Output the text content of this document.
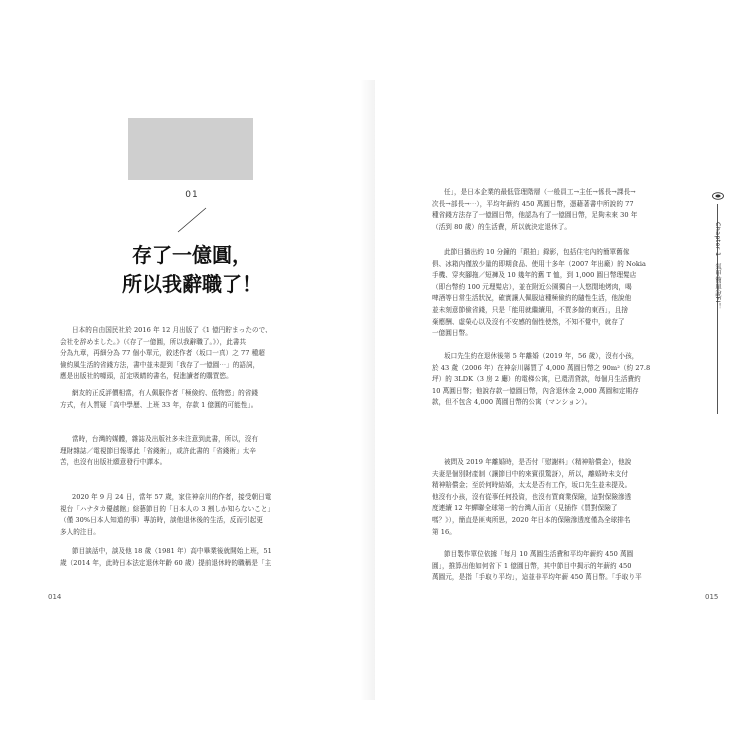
01
存了一億圓，
所以我辭職了！
日本的自由国民社於 2016 年 12 月出版了《1 億円貯まったので、
会社を辞めました。》（《存了一億圓，所以我辭職了。》），此書共
分為九章，再細分為 77 個小單元，敘述作者（坂口一真）之 77 種超
儉約風生活的省錢方法，書中並未提到「我存了一億圓⋯」的語詞，
應是出版社的噱頭，訂定吸睛的書名，促進讀者的購買慾。
網友的正反評價相當，有人佩服作者「極儉約、低物慾」的省錢
方式，有人質疑「高中學歷、上班 33 年，存款 1 億圓的可能性」。
當時，台灣的媒體，雜誌及出版社多未注意到此書，所以，沒有
理財雜誌／電視節目報導此「省錢術」，或許此書的「省錢術」太辛
苦，也沒有出版社願意發行中譯本。
2020 年 9 月 24 日，當年 57 歲，家住神奈川的作者，接受朝日電
視台「ハナタカ優越館」綜藝節目的「日本人の 3 割しか知らないこと」
（僅 30%日本人知道的事）專訪時，談他退休後的生活，反而引起更
多人的注目。
節目談話中，談及他 18 歲（1981 年）高中畢業後就開始上班，51
歲（2014 年，此時日本法定退休年齡 60 歲）提前退休時的職稱是「主
014	015
任」，是日本企業的最低管理階層（一般員工→主任→係長→課長→
次長→部長→⋯），平均年薪約 450 萬圓日幣，憑藉著書中所說的 77
種省錢方法存了一億圓日幣，他認為有了一億圓日幣，足夠未來 30 年
（活到 80 歲）的生活費，所以就決定退休了。
此節目播出約 10 分鐘的「跟拍」錄影，包括住宅內的簡單舊傢
俱、冰箱內僅放少量的即期食品、使用十多年（2007 年出廠）的 Nokia
手機、穿夾腳拖／短褲及 10 幾年的舊 T 恤，到 1,000 圓日幣理髮店
（即台幣約 100 元理髮店），並在附近公園獨自一人悠閒地烤肉，喝
啤酒等日常生活狀況，確實讓人佩服這種極儉約的隨性生活，他說他
並未刻意節儉省錢，只是「能用就繼續用，不買多餘的東西」，且捨
棄應酬、虛榮心以及沒有不安感的個性使然，不知不覺中，就存了
一億圓日幣。
坂口先生約在退休後第 5 年離婚（2019 年，56 歲），沒有小孩，
於 43 歲（2006 年）在神奈川縣買了 4,000 萬圓日幣之 90m²（約 27.8
坪）的 3LDK（3 房 2 廳）的電梯公寓，已還清貸款，每個月生活費約
10 萬圓日幣；他說存款一億圓日幣，內含退休金 2,000 萬圓和定期存
款，但不包含 4,000 萬圓日幣的公寓（マンション）。
被問及 2019 年離婚時，是否付「慰謝料」（精神賠償金），他說
夫妻是個別財產制（讓節目中的來賓很驚訝），所以，離婚時未支付
精神賠償金；至於何時結婚，太太是否有工作，坂口先生並未提及。
他沒有小孩，沒有從事任何投資，也沒有買商業保險，這對保險滲透
度連續 12 年蟬聯全球第一的台灣人而言（見插作《買對保險了
嗎？》），簡直是匪夷所思，2020 年日本的保險滲透度僅為全球排名
第 16。
節目製作單位依據「每月 10 萬圓生活費和平均年薪約 450 萬圓
圓」，推算出他如何省下 1 億圓日幣，其中節目中揭示的年薪約 450
萬圓元，是指「手取り平均」，這並非平均年薪 450 萬日幣。「手取り平
Chapter 1　氣甲簡單說FI！
